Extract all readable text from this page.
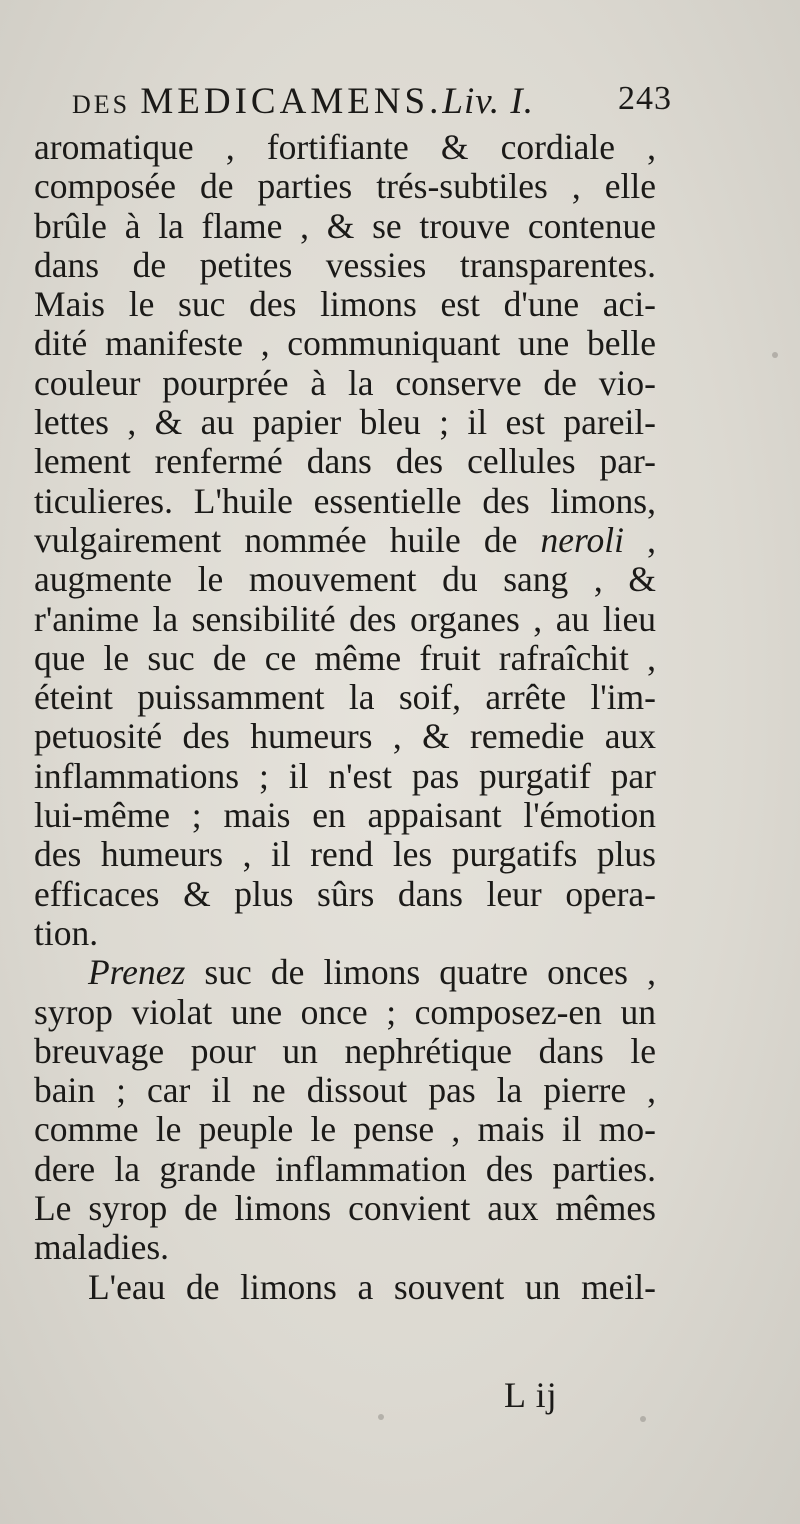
DES MEDICAMENS.Liv. I. 243
aromatique , fortifiante & cordiale ,
composée de parties trés-subtiles , elle
brûle à la flame , & se trouve contenue
dans de petites vessies transparentes.
Mais le suc des limons est d'une aci-
dité manifeste , communiquant une belle
couleur pourprée à la conserve de vio-
lettes , & au papier bleu ; il est pareil-
lement renfermé dans des cellules par-
ticulieres. L'huile essentielle des limons,
vulgairement nommée huile de neroli ,
augmente le mouvement du sang , &
r'anime la sensibilité des organes , au lieu
que le suc de ce même fruit rafraîchit ,
éteint puissamment la soif, arrête l'im-
petuosité des humeurs , & remedie aux
inflammations ; il n'est pas purgatif par
lui-même ; mais en appaisant l'émotion
des humeurs , il rend les purgatifs plus
efficaces & plus sûrs dans leur opera-
tion.
Prenez suc de limons quatre onces ,
syrop violat une once ; composez-en un
breuvage pour un nephrétique dans le
bain ; car il ne dissout pas la pierre ,
comme le peuple le pense , mais il mo-
dere la grande inflammation des parties.
Le syrop de limons convient aux mêmes
maladies.
L'eau de limons a souvent un meil-
L ij
